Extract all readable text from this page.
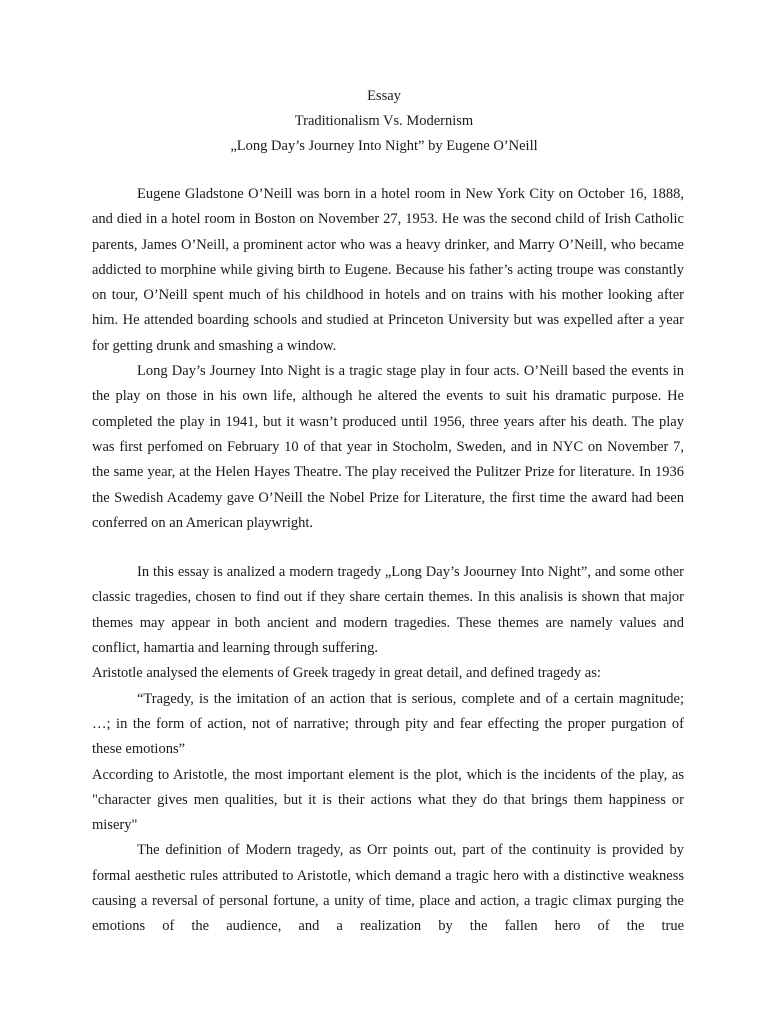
Essay
Traditionalism Vs. Modernism
„Long Day’s Journey Into Night” by Eugene O’Neill

Eugene Gladstone O’Neill was born in a hotel room in New York City on October 16, 1888, and died in a hotel room in Boston on November 27, 1953. He was the second child of Irish Catholic parents, James O’Neill, a prominent actor who was a heavy drinker, and Marry O’Neill, who became addicted to morphine while giving birth to Eugene. Because his father’s acting troupe was constantly on tour, O’Neill spent much of his childhood in hotels and on trains with his mother looking after him. He attended boarding schools and studied at Princeton University but was expelled after a year for getting drunk and smashing a window.

Long Day’s Journey Into Night is a tragic stage play in four acts. O’Neill based the events in the play on those in his own life, although he altered the events to suit his dramatic purpose. He completed the play in 1941, but it wasn’t produced until 1956, three years after his death. The play was first perfomed on February 10 of that year in Stocholm, Sweden, and in NYC on November 7, the same year, at the Helen Hayes Theatre. The play received the Pulitzer Prize for literature. In 1936 the Swedish Academy gave O’Neill the Nobel Prize for Literature, the first time the award had been conferred on an American playwright.

In this essay is analized a modern tragedy „Long Day’s Joourney Into Night”, and some other classic tragedies, chosen to find out if they share certain themes. In this analisis is shown that major themes may appear in both ancient and modern tragedies. These themes are namely values and conflict, hamartia and learning through suffering.

Aristotle analysed the elements of Greek tragedy in great detail, and defined tragedy as:

“Tragedy, is the imitation of an action that is serious, complete and of a certain magnitude; …; in the form of action, not of narrative; through pity and fear effecting the proper purgation of these emotions”

According to Aristotle, the most important element is the plot, which is the incidents of the play, as "character gives men qualities, but it is their actions what they do that brings them happiness or misery"

The definition of Modern tragedy, as Orr points out, part of the continuity is provided by formal aesthetic rules attributed to Aristotle, which demand a tragic hero with a distinctive weakness causing a reversal of personal fortune, a unity of time, place and action, a tragic climax purging the emotions of the audience, and a realization by the fallen hero of the true
